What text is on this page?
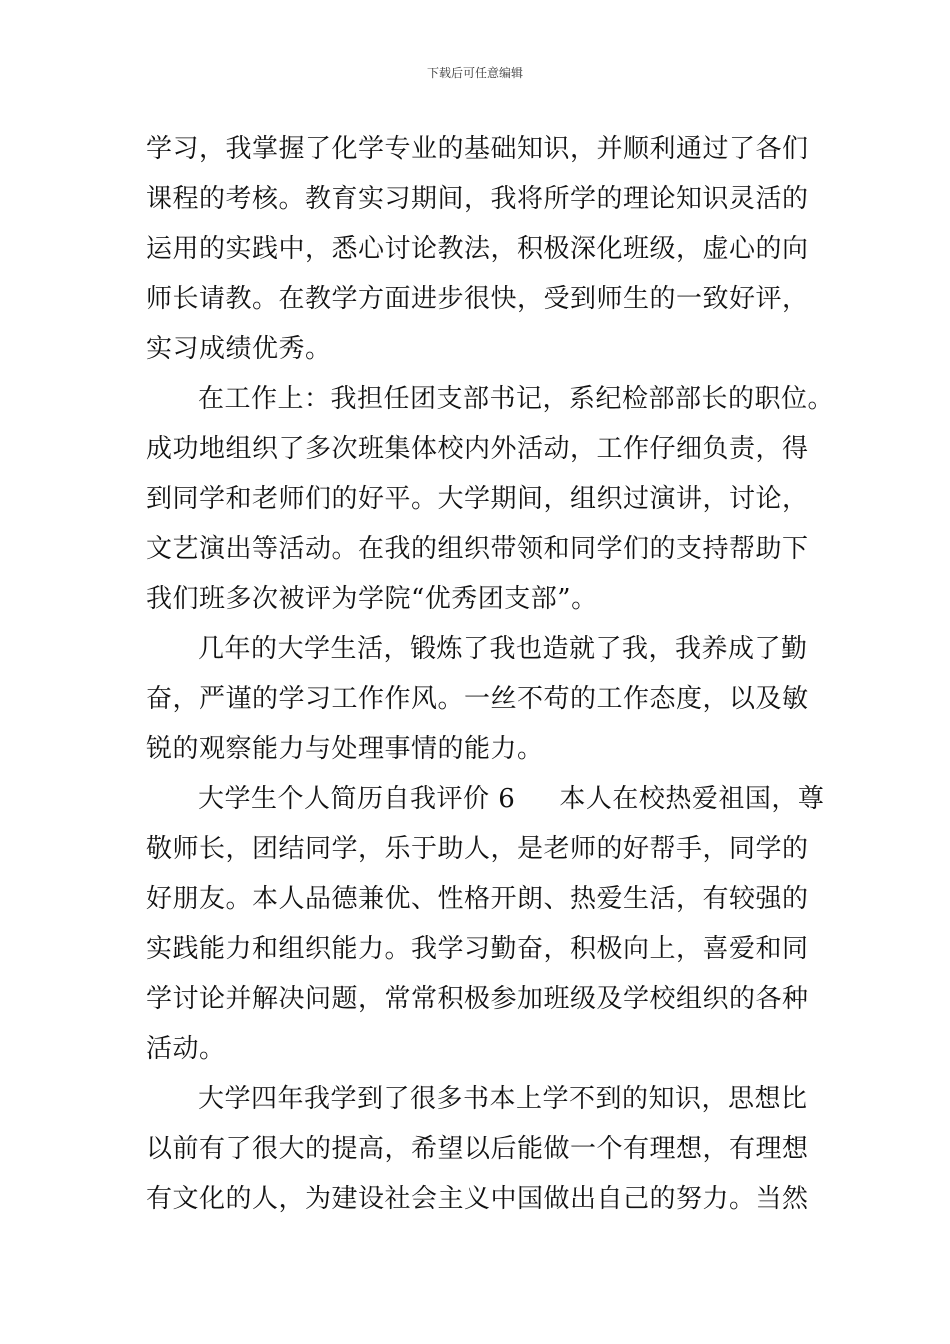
下载后可任意编辑
学习，我掌握了化学专业的基础知识，并顺利通过了各们
课程的考核。教育实习期间，我将所学的理论知识灵活的
运用的实践中，悉心讨论教法，积极深化班级，虚心的向
师长请教。在教学方面进步很快，受到师生的一致好评，
实习成绩优秀。
在工作上：我担任团支部书记，系纪检部部长的职位。
成功地组织了多次班集体校内外活动，工作仔细负责，得
到同学和老师们的好平。大学期间，组织过演讲，讨论，
文艺演出等活动。在我的组织带领和同学们的支持帮助下
我们班多次被评为学院“优秀团支部”。
几年的大学生活，锻炼了我也造就了我，我养成了勤
奋，严谨的学习工作作风。一丝不苟的工作态度，以及敏
锐的观察能力与处理事情的能力。
大学生个人简历自我评价 6 本人在校热爱祖国，尊
敬师长，团结同学，乐于助人，是老师的好帮手，同学的
好朋友。本人品德兼优、性格开朗、热爱生活，有较强的
实践能力和组织能力。我学习勤奋，积极向上，喜爱和同
学讨论并解决问题，常常积极参加班级及学校组织的各种
活动。
大学四年我学到了很多书本上学不到的知识，思想比
以前有了很大的提高，希望以后能做一个有理想，有理想
有文化的人，为建设社会主义中国做出自己的努力。当然
